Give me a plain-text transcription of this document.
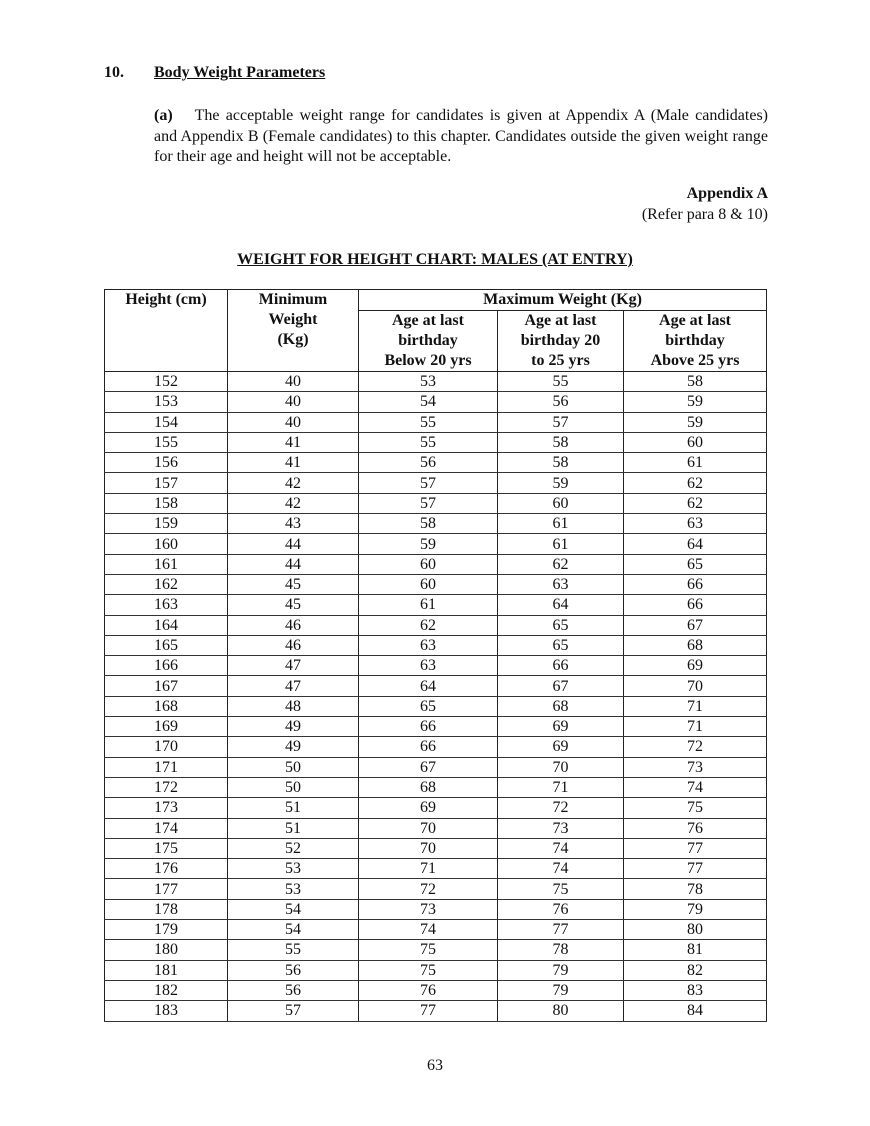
10. Body Weight Parameters
(a) The acceptable weight range for candidates is given at Appendix A (Male candidates) and Appendix B (Female candidates) to this chapter. Candidates outside the given weight range for their age and height will not be acceptable.
Appendix A
(Refer para 8 & 10)
WEIGHT FOR HEIGHT CHART: MALES (AT ENTRY)
Height (cm)	Minimum Weight (Kg)	Maximum Weight (Kg)		

		Age at last birthday Below 20 yrs	Age at last birthday 20 to 25 yrs	Age at last birthday Above 25 yrs

152	40	53	55	58
153	40	54	56	59
154	40	55	57	59
155	41	55	58	60
156	41	56	58	61
157	42	57	59	62
158	42	57	60	62
159	43	58	61	63
160	44	59	61	64
161	44	60	62	65
162	45	60	63	66
163	45	61	64	66
164	46	62	65	67
165	46	63	65	68
166	47	63	66	69
167	47	64	67	70
168	48	65	68	71
169	49	66	69	71
170	49	66	69	72
171	50	67	70	73
172	50	68	71	74
173	51	69	72	75
174	51	70	73	76
175	52	70	74	77
176	53	71	74	77
177	53	72	75	78
178	54	73	76	79
179	54	74	77	80
180	55	75	78	81
181	56	75	79	82
182	56	76	79	83
183	57	77	80	84
63
